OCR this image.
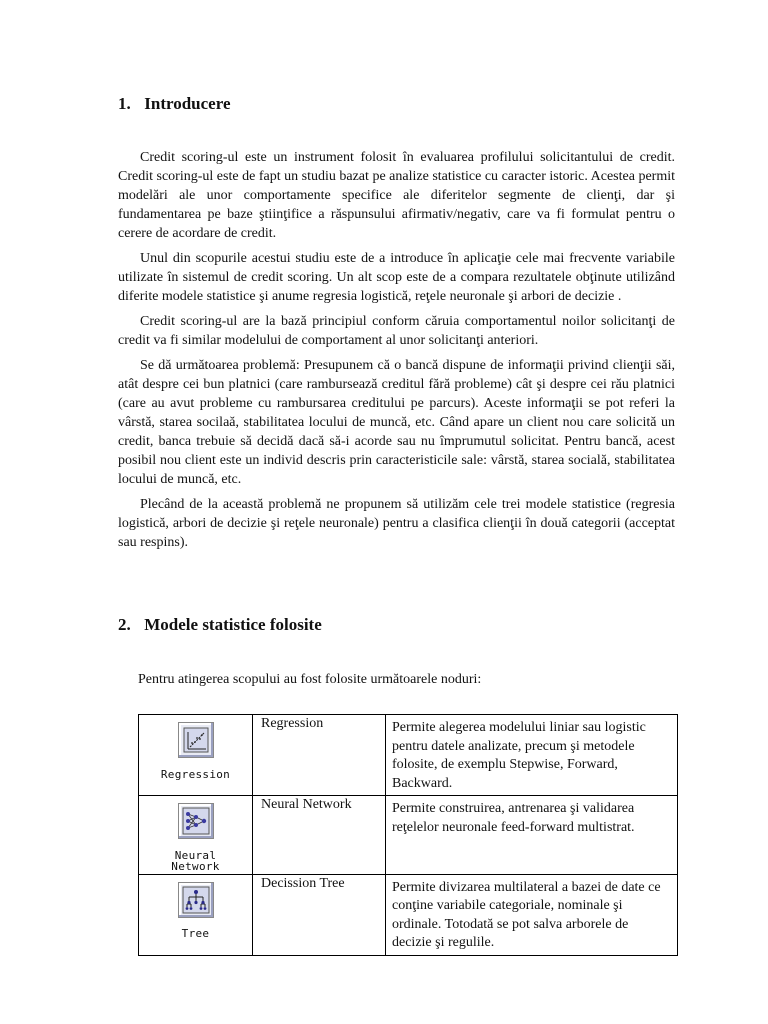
1. Introducere

Credit scoring-ul este un instrument folosit în evaluarea profilului solicitantului de credit. Credit scoring-ul este de fapt un studiu bazat pe analize statistice cu caracter istoric. Acestea permit modelări ale unor comportamente specifice ale diferitelor segmente de clienţi, dar şi fundamentarea pe baze ştiinţifice a răspunsului afirmativ/negativ, care va fi formulat pentru o cerere de acordare de credit.

Unul din scopurile acestui studiu este de a introduce în aplicaţie cele mai frecvente variabile utilizate în sistemul de credit scoring. Un alt scop este de a compara rezultatele obţinute utilizând diferite modele statistice şi anume regresia logistică, reţele neuronale şi arbori de decizie .

Credit scoring-ul are la bază principiul conform căruia comportamentul noilor solicitanţi de credit va fi similar modelului de comportament al unor solicitanţi anteriori.

Se dă următoarea problemă: Presupunem că o bancă dispune de informaţii privind clienţii săi, atât despre cei bun platnici (care rambursează creditul fără probleme) cât şi despre cei rău platnici (care au avut probleme cu rambursarea creditului pe parcurs). Aceste informaţii se pot referi la vârstă, starea socilaă, stabilitatea locului de muncă, etc. Când apare un client nou care solicită un credit, banca trebuie să decidă dacă să-i acorde sau nu împrumutul solicitat. Pentru bancă, acest posibil nou client este un individ descris prin caracteristicile sale: vârstă, starea socială, stabilitatea locului de muncă, etc.

Plecând de la această problemă ne propunem să utilizăm cele trei modele statistice (regresia logistică, arbori de decizie şi reţele neuronale) pentru a clasifica clienţii în două categorii (acceptat sau respins).

2. Modele statistice folosite

Pentru atingerea scopului au fost folosite următoarele noduri:

Regression	Regression	Permite alegerea modelului liniar sau logistic pentru datele analizate, precum şi metodele folosite, de exemplu Stepwise, Forward, Backward.

Neural
Network	Neural Network	Permite construirea, antrenarea şi validarea reţelelor neuronale feed-forward multistrat.

Tree	Decission Tree	Permite divizarea multilateral a bazei de date ce conţine variabile categoriale, nominale şi ordinale. Totodată se pot salva arborele de decizie şi regulile.
